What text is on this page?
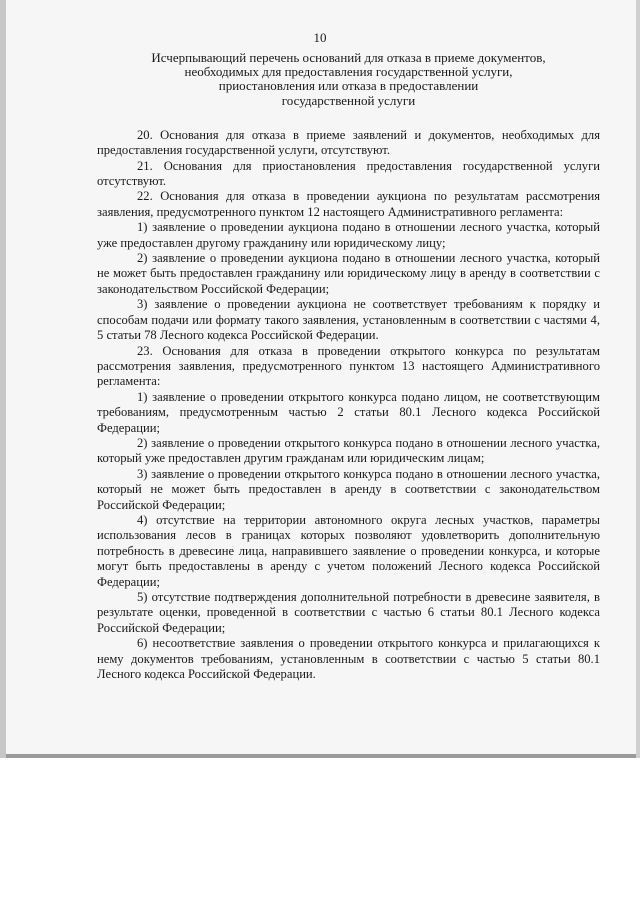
10
Исчерпывающий перечень оснований для отказа в приеме документов,
необходимых для предоставления государственной услуги,
приостановления или отказа в предоставлении
государственной услуги

20. Основания для отказа в приеме заявлений и документов, необходимых для предоставления государственной услуги, отсутствуют.

21. Основания для приостановления предоставления государственной услуги отсутствуют.

22. Основания для отказа в проведении аукциона по результатам рассмотрения заявления, предусмотренного пунктом 12 настоящего Административного регламента:

1) заявление о проведении аукциона подано в отношении лесного участка, который уже предоставлен другому гражданину или юридическому лицу;

2) заявление о проведении аукциона подано в отношении лесного участка, который не может быть предоставлен гражданину или юридическому лицу в аренду в соответствии с законодательством Российской Федерации;

3) заявление о проведении аукциона не соответствует требованиям к порядку и способам подачи или формату такого заявления, установленным в соответствии с частями 4, 5 статьи 78 Лесного кодекса Российской Федерации.

23. Основания для отказа в проведении открытого конкурса по результатам рассмотрения заявления, предусмотренного пунктом 13 настоящего Административного регламента:

1) заявление о проведении открытого конкурса подано лицом, не соответствующим требованиям, предусмотренным частью 2 статьи 80.1 Лесного кодекса Российской Федерации;

2) заявление о проведении открытого конкурса подано в отношении лесного участка, который уже предоставлен другим гражданам или юридическим лицам;

3) заявление о проведении открытого конкурса подано в отношении лесного участка, который не может быть предоставлен в аренду в соответствии с законодательством Российской Федерации;

4) отсутствие на территории автономного округа лесных участков, параметры использования лесов в границах которых позволяют удовлетворить дополнительную потребность в древесине лица, направившего заявление о проведении конкурса, и которые могут быть предоставлены в аренду с учетом положений Лесного кодекса Российской Федерации;

5) отсутствие подтверждения дополнительной потребности в древесине заявителя, в результате оценки, проведенной в соответствии с частью 6 статьи 80.1 Лесного кодекса Российской Федерации;

6) несоответствие заявления о проведении открытого конкурса и прилагающихся к нему документов требованиям, установленным в соответствии с частью 5 статьи 80.1 Лесного кодекса Российской Федерации.
